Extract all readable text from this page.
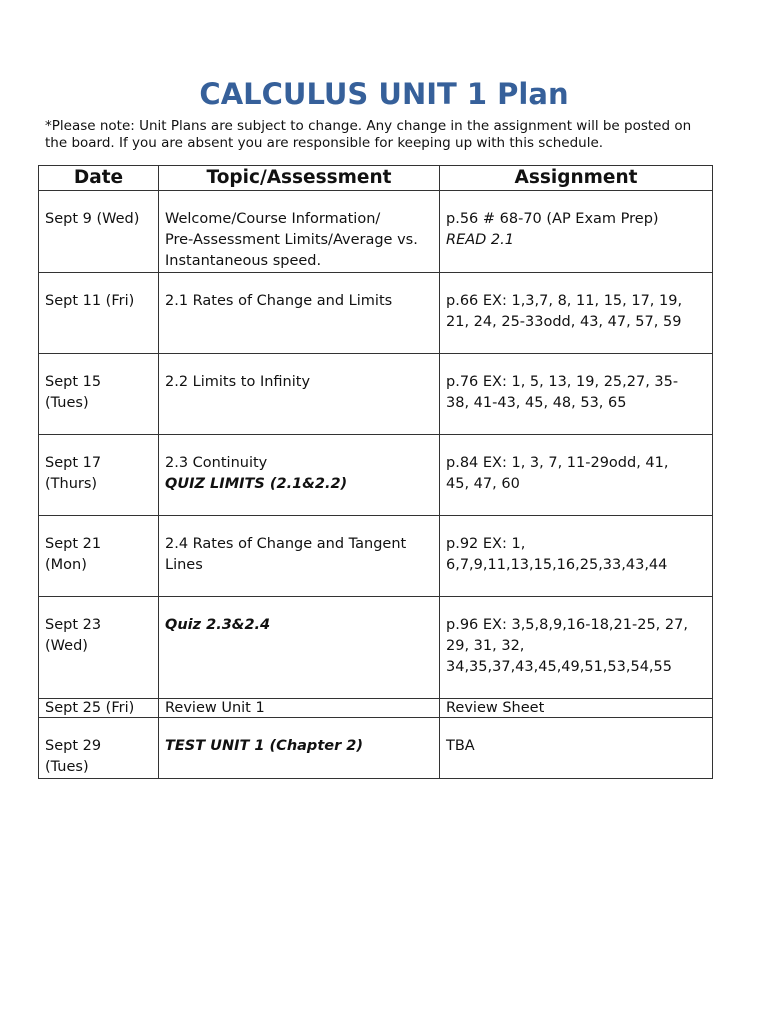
CALCULUS UNIT 1 Plan

*Please note: Unit Plans are subject to change. Any change in the assignment will be posted on
the board. If you are absent you are responsible for keeping up with this schedule.

Date	Topic/Assessment	Assignment

Sept 9 (Wed)	Welcome/Course Information/
Pre-Assessment Limits/Average vs.
Instantaneous speed.	p.56 # 68-70 (AP Exam Prep)
READ 2.1

Sept 11 (Fri)	2.1 Rates of Change and Limits	p.66 EX: 1,3,7, 8, 11, 15, 17, 19,
21, 24, 25-33odd, 43, 47, 57, 59

Sept 15
(Tues)	2.2 Limits to Infinity	p.76 EX: 1, 5, 13, 19, 25,27, 35-
38, 41-43, 45, 48, 53, 65

Sept 17
(Thurs)	2.3 Continuity
QUIZ LIMITS (2.1&2.2)	p.84 EX: 1, 3, 7, 11-29odd, 41,
45, 47, 60

Sept 21
(Mon)	2.4 Rates of Change and Tangent
Lines	p.92 EX: 1,
6,7,9,11,13,15,16,25,33,43,44

Sept 23
(Wed)	Quiz 2.3&2.4	p.96 EX: 3,5,8,9,16-18,21-25, 27,
29, 31, 32,
34,35,37,43,45,49,51,53,54,55

Sept 25 (Fri)	Review Unit 1	Review Sheet

Sept 29
(Tues)	TEST UNIT 1 (Chapter 2)	TBA
